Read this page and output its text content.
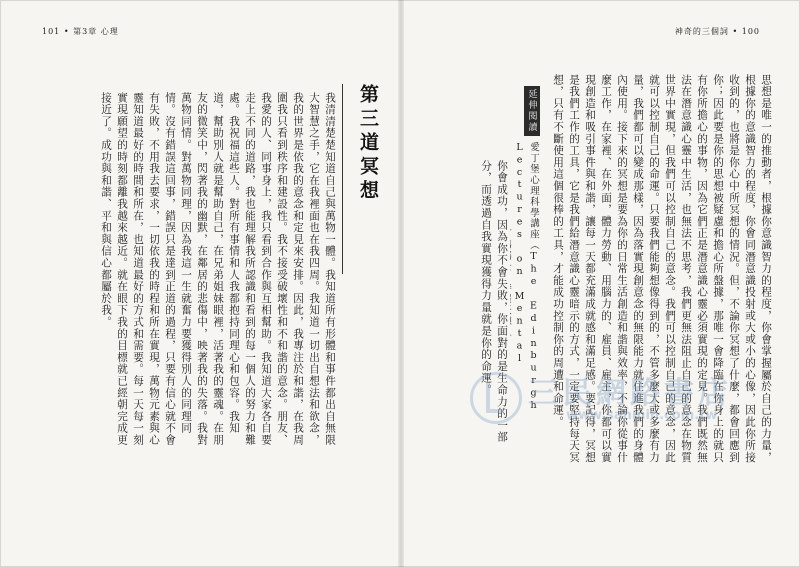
101 • 第3章 心理	神奇的三個詞 • 100
我清清楚楚知道自己與萬物一體。我知道所有形體和事件都出自無限大智慧之手，它在我裡面也在我四周。我知道一切出自想法和欲念，我的世界是依我的意念和定見來安排。因此，我專注於和諧，在我周圍我只看到秩序和建設性。我不接受破壞性和不和諧的意念。朋友、我愛的人、同事身上，我只看到合作與互相幫助。我知道大家各自要走上不同的道路，我也能理解我所認識和看到的每一個人的努力和難處。我祝福這些人。對所有事情和人我都抱持同理心和包容。我知道，幫助別人就是幫助自己，在兄弟姐妹眼裡，活著我的靈魂。在朋友的微笑中，閃著我的幽默，在鄰居的悲傷中，映著我的失落。我對萬物同情。對萬物同理，因為我這一生就奮力要獲得別人的同理同情。沒有錯誤這回事，錯誤只是達到正道的過程，只要有信心就不會有失敗，不用我去要求，一切依我的時程和所在實現，萬物元素與心靈知道最好的時間和所在，也知道最好的方式和需要。每一天每一刻實現願望的時刻都離我越來越近。就在眼下我的目標就已經朝完成更接近了。成功與和諧、平和與信心都屬於我。	第三道冥想	思想是唯一的推動者，根據你意識智力的程度，你會掌握屬於自己的力量，根據你的意識智力的程度，你會同潛意識投射或大或小的心像，因此你所接收到的，也將是你心中所冥想的情況。但，不論你冥想了什麼，都會回應到你；因此要是你的思想被疑慮和擔心所盤據，那唯一會降臨在你身上的就只有你所擔心的事物，因為它們正是潛意識心靈必須實現的定見。我們既然無法在潛意識心靈中生活，也無法不思考，我們更無法阻止自己的意念在物質世界中實現，但我們可以控制自己的意念。我們可以控制自己的意念，因此就可以控制自己的命運。只要我們能夠想像得到的，不管多麼大或多麼有力量，我們都可以變成那樣，因為落實現創意念的無限能力就住進我們的身體內使用。接下來的冥想是要為你的日常生活創造和諧與效率，不論你從事什麼工作，在家裡、在外面，體力勞動、用腦力的、雇員、雇主，你都可以實現創造和吸引事件與和諧，讓每一天都充滿成就感和滿足感。要記得，冥想是我們工作的工具，它是我們給潛意識心靈暗示的方式，一定要堅持每天冥想，只有不斷使用這個很棒的工具，才能成功控制你的周遭和命運。
延伸閱讀
愛丁堡心理科學講座（The Edinburgh Lectures on Mental
你會成功，因為你不會失敗，你面對的是生命力的一部分，而透過自我實現獲得力量就是你的命運。	三民網路書店
www.sanmin.com.tw
